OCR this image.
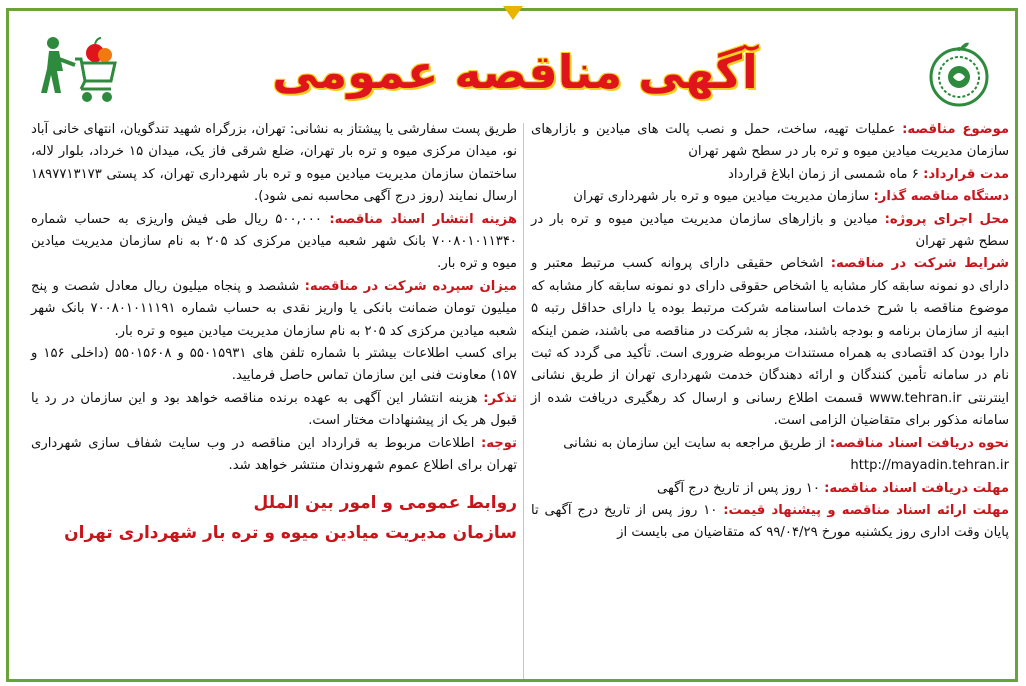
آگهی مناقصه عمومی
موضوع مناقصه: عملیات تهیه، ساخت، حمل و نصب پالت های میادین و بازارهای سازمان مدیریت میادین میوه و تره بار در سطح شهر تهران
مدت قرارداد: ۶ ماه شمسی از زمان ابلاغ قرارداد
دستگاه مناقصه گذار: سازمان مدیریت میادین میوه و تره بار شهرداری تهران
محل اجرای پروژه: میادین و بازارهای سازمان مدیریت میادین میوه و تره بار در سطح شهر تهران
شرایط شرکت در مناقصه: اشخاص حقیقی دارای پروانه کسب مرتبط معتبر و دارای دو نمونه سابقه کار مشابه یا اشخاص حقوقی دارای دو نمونه سابقه کار مشابه که موضوع مناقصه با شرح خدمات اساسنامه شرکت مرتبط بوده یا دارای حداقل رتبه ۵ ابنیه از سازمان برنامه و بودجه باشند، مجاز به شرکت در مناقصه می باشند، ضمن اینکه دارا بودن کد اقتصادی به همراه مستندات مربوطه ضروری است. تأکید می گردد که ثبت نام در سامانه تأمین کنندگان و ارائه دهندگان خدمت شهرداری تهران از طریق نشانی اینترنتی www.tehran.ir قسمت اطلاع رسانی و ارسال کد رهگیری دریافت شده از سامانه مذکور برای متقاضیان الزامی است.
نحوه دریافت اسناد مناقصه: از طریق مراجعه به سایت این سازمان به نشانی
http://mayadin.tehran.ir
مهلت دریافت اسناد مناقصه: ۱۰ روز پس از تاریخ درج آگهی
مهلت ارائه اسناد مناقصه و پیشنهاد قیمت: ۱۰ روز پس از تاریخ درج آگهی تا پایان وقت اداری روز یکشنبه مورخ ۹۹/۰۴/۲۹ که متقاضیان می بایست از
طریق پست سفارشی یا پیشتاز به نشانی: تهران، بزرگراه شهید تندگویان، انتهای خانی آباد نو، میدان مرکزی میوه و تره بار تهران، ضلع شرقی فاز یک، میدان ۱۵ خرداد، بلوار لاله، ساختمان سازمان مدیریت میادین میوه و تره بار شهرداری تهران، کد پستی ۱۸۹۷۷۱۳۱۷۳ ارسال نمایند (روز درج آگهی محاسبه نمی شود).
هزینه انتشار اسناد مناقصه: ۵۰۰,۰۰۰ ریال طی فیش واریزی به حساب شماره ۷۰۰۸۰۱۰۱۱۳۴۰ بانک شهر شعبه میادین مرکزی کد ۲۰۵ به نام سازمان مدیریت میادین میوه و تره بار.
میزان سپرده شرکت در مناقصه: ششصد و پنجاه میلیون ریال معادل شصت و پنج میلیون تومان ضمانت بانکی یا واریز نقدی به حساب شماره ۷۰۰۸۰۱۰۱۱۱۹۱ بانک شهر شعبه میادین مرکزی کد ۲۰۵ به نام سازمان مدیریت میادین میوه و تره بار.
برای کسب اطلاعات بیشتر با شماره تلفن های ۵۵۰۱۵۹۳۱ و ۵۵۰۱۵۶۰۸ (داخلی ۱۵۶ و ۱۵۷) معاونت فنی این سازمان تماس حاصل فرمایید.
تذکر: هزینه انتشار این آگهی به عهده برنده مناقصه خواهد بود و این سازمان در رد یا قبول هر یک از پیشنهادات مختار است.
توجه: اطلاعات مربوط به قرارداد این مناقصه در وب سایت شفاف سازی شهرداری تهران برای اطلاع عموم شهروندان منتشر خواهد شد.
روابط عمومی و امور بین الملل
سازمان مدیریت میادین میوه و تره بار شهرداری تهران
